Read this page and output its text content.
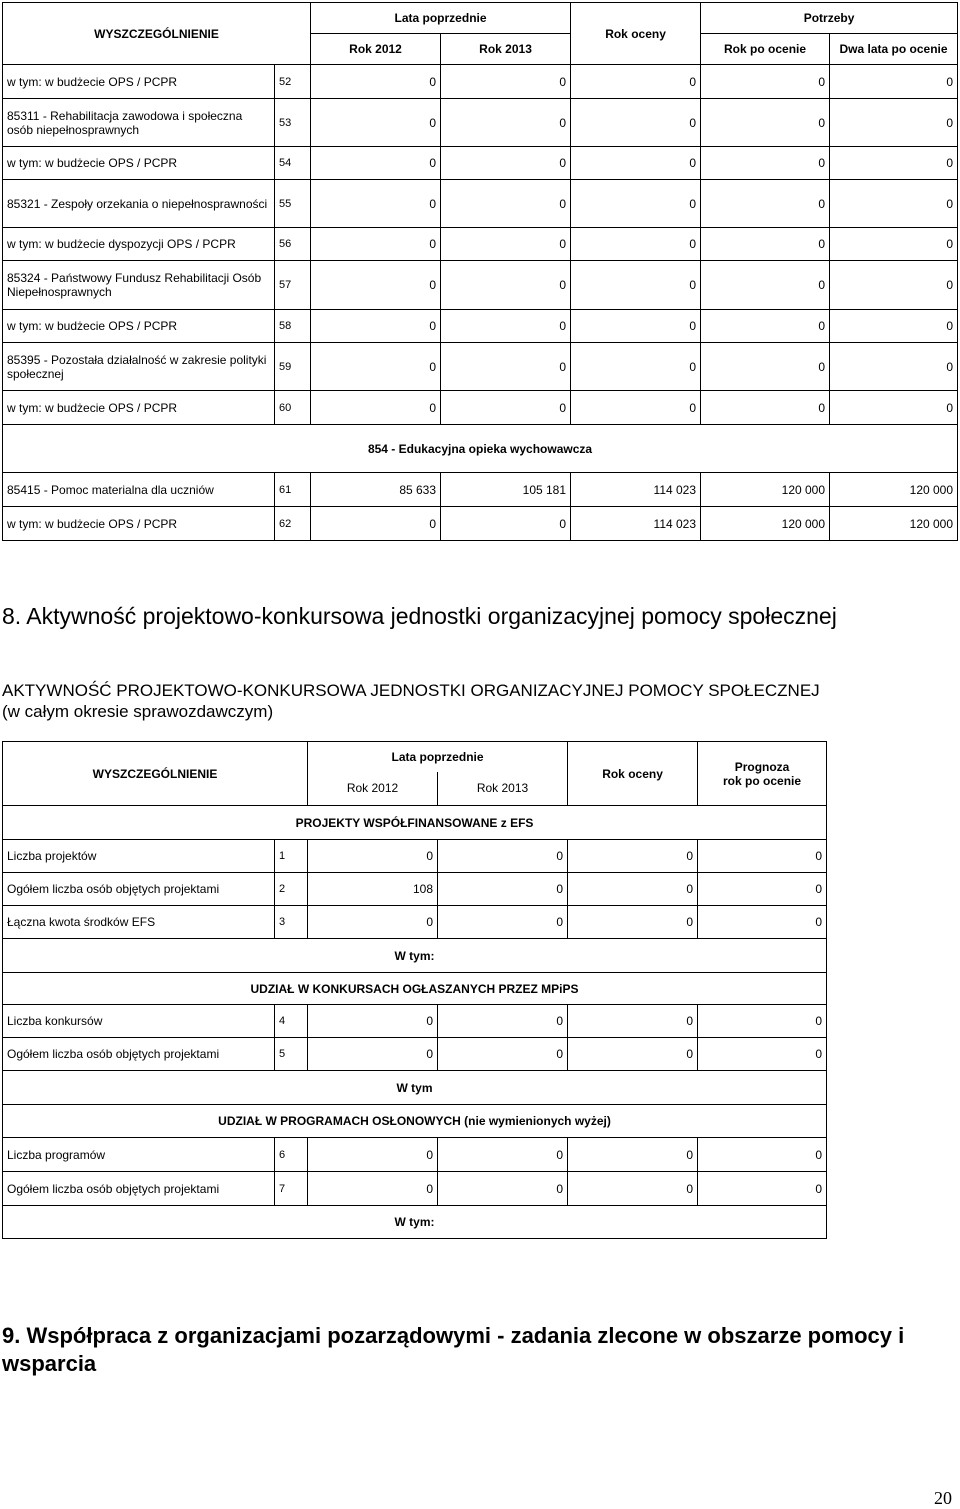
WYSZCZEGÓLNIENIE		Lata poprzednie		Rok oceny	Potrzeby	
		Rok 2012	Rok 2013		Rok po ocenie	Dwa lata po ocenie
w tym: w budżecie OPS / PCPR	52	0	0	0	0	0
85311 - Rehabilitacja zawodowa i społeczna osób niepełnosprawnych	53	0	0	0	0	0
w tym: w budżecie OPS / PCPR	54	0	0	0	0	0
85321 - Zespoły orzekania o niepełnosprawności	55	0	0	0	0	0
w tym: w budżecie dyspozycji OPS / PCPR	56	0	0	0	0	0
85324 - Państwowy Fundusz Rehabilitacji Osób Niepełnosprawnych	57	0	0	0	0	0
w tym: w budżecie OPS / PCPR	58	0	0	0	0	0
85395 - Pozostała działalność w zakresie polityki społecznej	59	0	0	0	0	0
w tym: w budżecie OPS / PCPR	60	0	0	0	0	0
854 - Edukacyjna opieka wychowawcza						
85415 - Pomoc materialna dla uczniów	61	85 633	105 181	114 023	120 000	120 000
w tym: w budżecie OPS / PCPR	62	0	0	114 023	120 000	120 000
8. Aktywność projektowo-konkursowa jednostki organizacyjnej pomocy społecznej
AKTYWNOŚĆ PROJEKTOWO-KONKURSOWA JEDNOSTKI ORGANIZACYJNEJ POMOCY SPOŁECZNEJ
(w całym okresie sprawozdawczym)
WYSZCZEGÓLNIENIE		Lata poprzednie		Rok oceny	Prognoza
rok po ocenie
		Rok 2012	Rok 2013		
PROJEKTY WSPÓŁFINANSOWANE z EFS					
Liczba projektów	1	0	0	0	0
Ogółem liczba osób objętych projektami	2	108	0	0	0
Łączna kwota środków EFS	3	0	0	0	0
W tym:					
UDZIAŁ W KONKURSACH OGŁASZANYCH PRZEZ MPiPS					
Liczba konkursów	4	0	0	0	0
Ogółem liczba osób objętych projektami	5	0	0	0	0
W tym					
UDZIAŁ W PROGRAMACH OSŁONOWYCH (nie wymienionych wyżej)					
Liczba programów	6	0	0	0	0
Ogółem liczba osób objętych projektami	7	0	0	0	0
W tym:					
9. Współpraca z organizacjami pozarządowymi - zadania zlecone w obszarze pomocy i wsparcia
20
